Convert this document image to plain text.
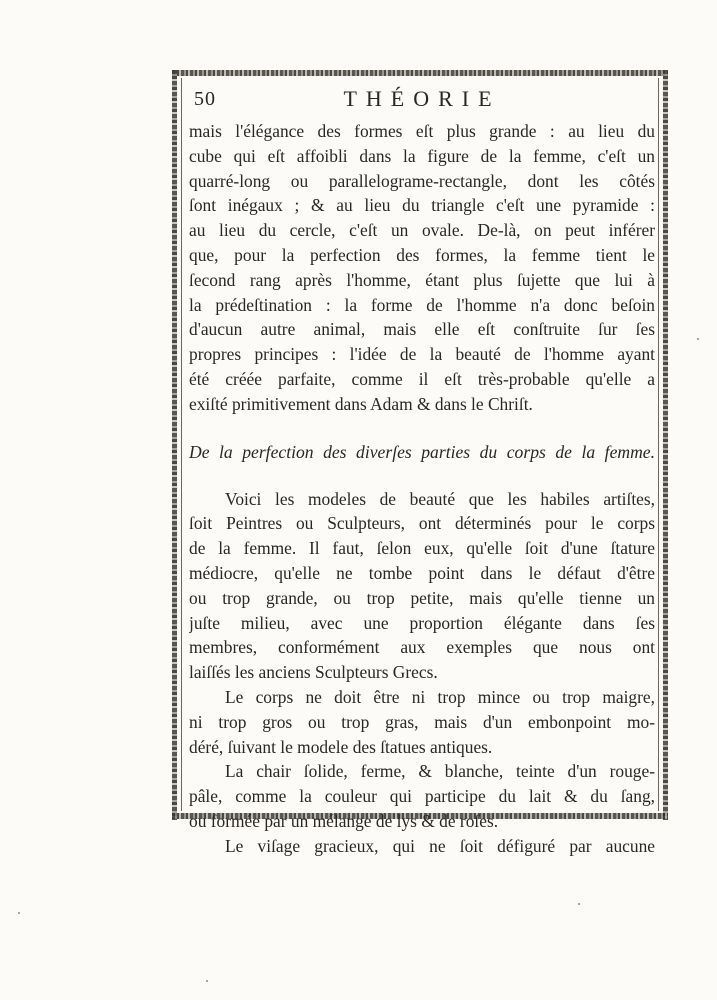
50	THÉORIE
mais l'élégance des formes eſt plus grande : au lieu du
cube qui eſt affoibli dans la figure de la femme, c'eſt un
quarré-long ou parallelograme-rectangle, dont les côtés
ſont inégaux ; & au lieu du triangle c'eſt une pyramide :
au lieu du cercle, c'eſt un ovale. De-là, on peut inférer
que, pour la perfection des formes, la femme tient le
ſecond rang après l'homme, étant plus ſujette que lui à
la prédeſtination : la forme de l'homme n'a donc beſoin
d'aucun autre animal, mais elle eſt conſtruite ſur ſes
propres principes : l'idée de la beauté de l'homme ayant
été créée parfaite, comme il eſt très-probable qu'elle a
exiſté primitivement dans Adam & dans le Chriſt.
De la perfection des diverſes parties du corps de la femme.
Voici les modeles de beauté que les habiles artiſtes,
ſoit Peintres ou Sculpteurs, ont déterminés pour le corps
de la femme. Il faut, ſelon eux, qu'elle ſoit d'une ſtature
médiocre, qu'elle ne tombe point dans le défaut d'être
ou trop grande, ou trop petite, mais qu'elle tienne un
juſte milieu, avec une proportion élégante dans ſes
membres, conformément aux exemples que nous ont
laiſſés les anciens Sculpteurs Grecs.
Le corps ne doit être ni trop mince ou trop maigre,
ni trop gros ou trop gras, mais d'un embonpoint mo-
déré, ſuivant le modele des ſtatues antiques.
La chair ſolide, ferme, & blanche, teinte d'un rouge-
pâle, comme la couleur qui participe du lait & du ſang,
ou formée par un mélange de lys & de roſes.
Le viſage gracieux, qui ne ſoit défiguré par aucune
